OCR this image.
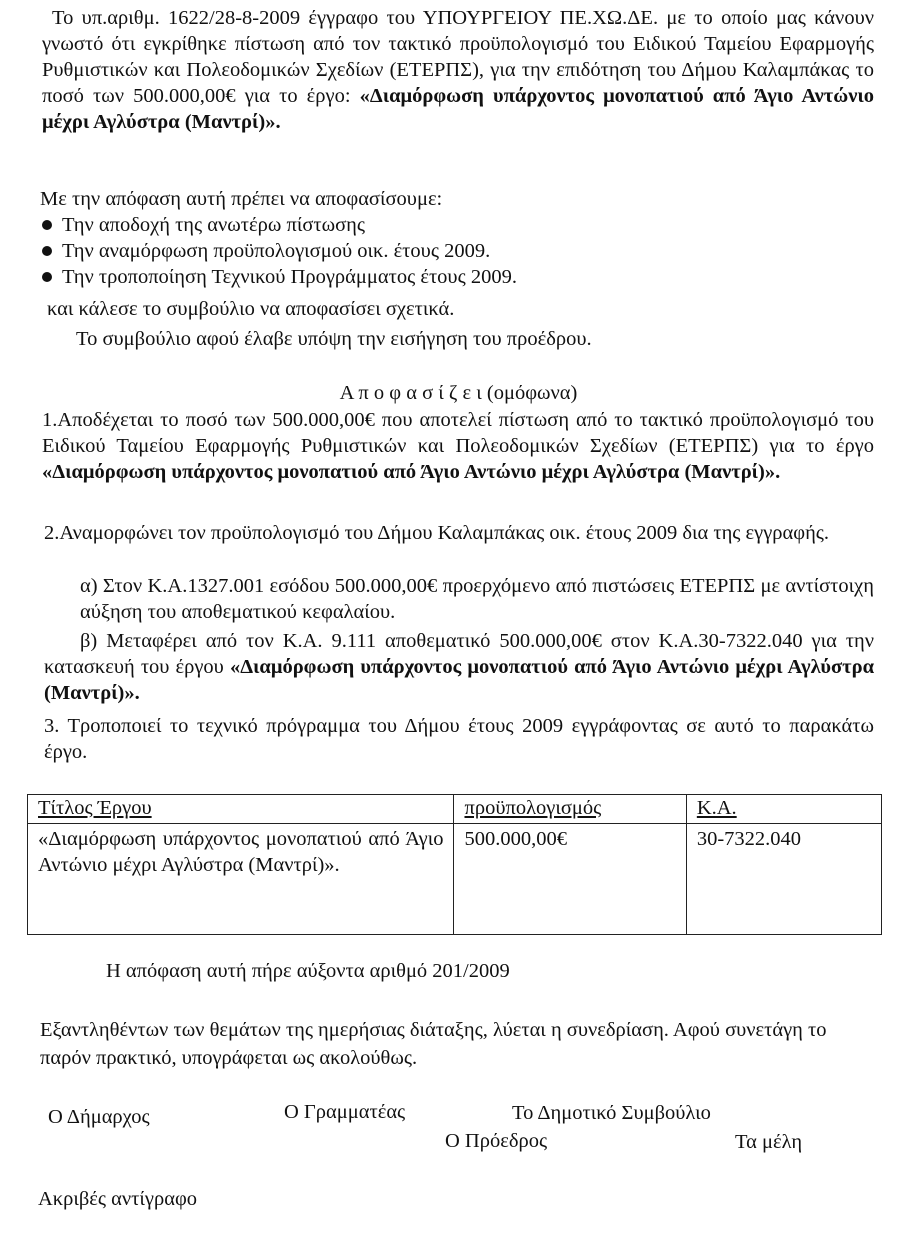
Το υπ.αριθμ. 1622/28-8-2009 έγγραφο του ΥΠΟΥΡΓΕΙΟΥ ΠΕ.ΧΩ.ΔΕ. με το οποίο μας κάνουν γνωστό ότι εγκρίθηκε πίστωση από τον τακτικό προϋπολογισμό του Ειδικού Ταμείου Εφαρμογής Ρυθμιστικών και Πολεοδομικών Σχεδίων (ΕΤΕΡΠΣ), για την επιδότηση του Δήμου Καλαμπάκας το ποσό των 500.000,00€ για το έργο: «Διαμόρφωση υπάρχοντος μονοπατιού από Άγιο Αντώνιο μέχρι Αγλύστρα (Μαντρί)».
Με την απόφαση αυτή πρέπει να αποφασίσουμε:
Την αποδοχή της ανωτέρω πίστωσης
Την αναμόρφωση προϋπολογισμού οικ. έτους 2009.
Την τροποποίηση Τεχνικού Προγράμματος έτους 2009.
και κάλεσε το συμβούλιο να αποφασίσει σχετικά.
Το συμβούλιο αφού έλαβε υπόψη την εισήγηση του προέδρου.
Α π ο φ α σ ί ζ ε ι (ομόφωνα)
1.Αποδέχεται το ποσό των 500.000,00€ που αποτελεί πίστωση από το τακτικό προϋπολογισμό του Ειδικού Ταμείου Εφαρμογής Ρυθμιστικών και Πολεοδομικών Σχεδίων (ΕΤΕΡΠΣ) για το έργο «Διαμόρφωση υπάρχοντος μονοπατιού από Άγιο Αντώνιο μέχρι Αγλύστρα (Μαντρί)».
2.Αναμορφώνει τον προϋπολογισμό του Δήμου Καλαμπάκας οικ. έτους 2009 δια της εγγραφής.
α) Στον Κ.Α.1327.001 εσόδου 500.000,00€ προερχόμενο από πιστώσεις ΕΤΕΡΠΣ με αντίστοιχη αύξηση του αποθεματικού κεφαλαίου.
β) Μεταφέρει από τον Κ.Α. 9.111 αποθεματικό 500.000,00€ στον Κ.Α.30-7322.040 για την κατασκευή του έργου «Διαμόρφωση υπάρχοντος μονοπατιού από Άγιο Αντώνιο μέχρι Αγλύστρα (Μαντρί)».
3. Τροποποιεί το τεχνικό πρόγραμμα του Δήμου έτους 2009 εγγράφοντας σε αυτό το παρακάτω έργο.
Τίτλος Έργου	προϋπολογισμός	Κ.Α.
«Διαμόρφωση υπάρχοντος μονοπατιού από Άγιο Αντώνιο μέχρι Αγλύστρα (Μαντρί)».	500.000,00€	30-7322.040
Η απόφαση αυτή πήρε αύξοντα αριθμό 201/2009
Εξαντληθέντων των θεμάτων της ημερήσιας διάταξης, λύεται η συνεδρίαση. Αφού συνετάγη το παρόν πρακτικό, υπογράφεται ως ακολούθως.
Ο Δήμαρχος	Ο Γραμματέας	Το Δημοτικό Συμβούλιο
Ο Πρόεδρος	Τα μέλη
Ακριβές αντίγραφο
